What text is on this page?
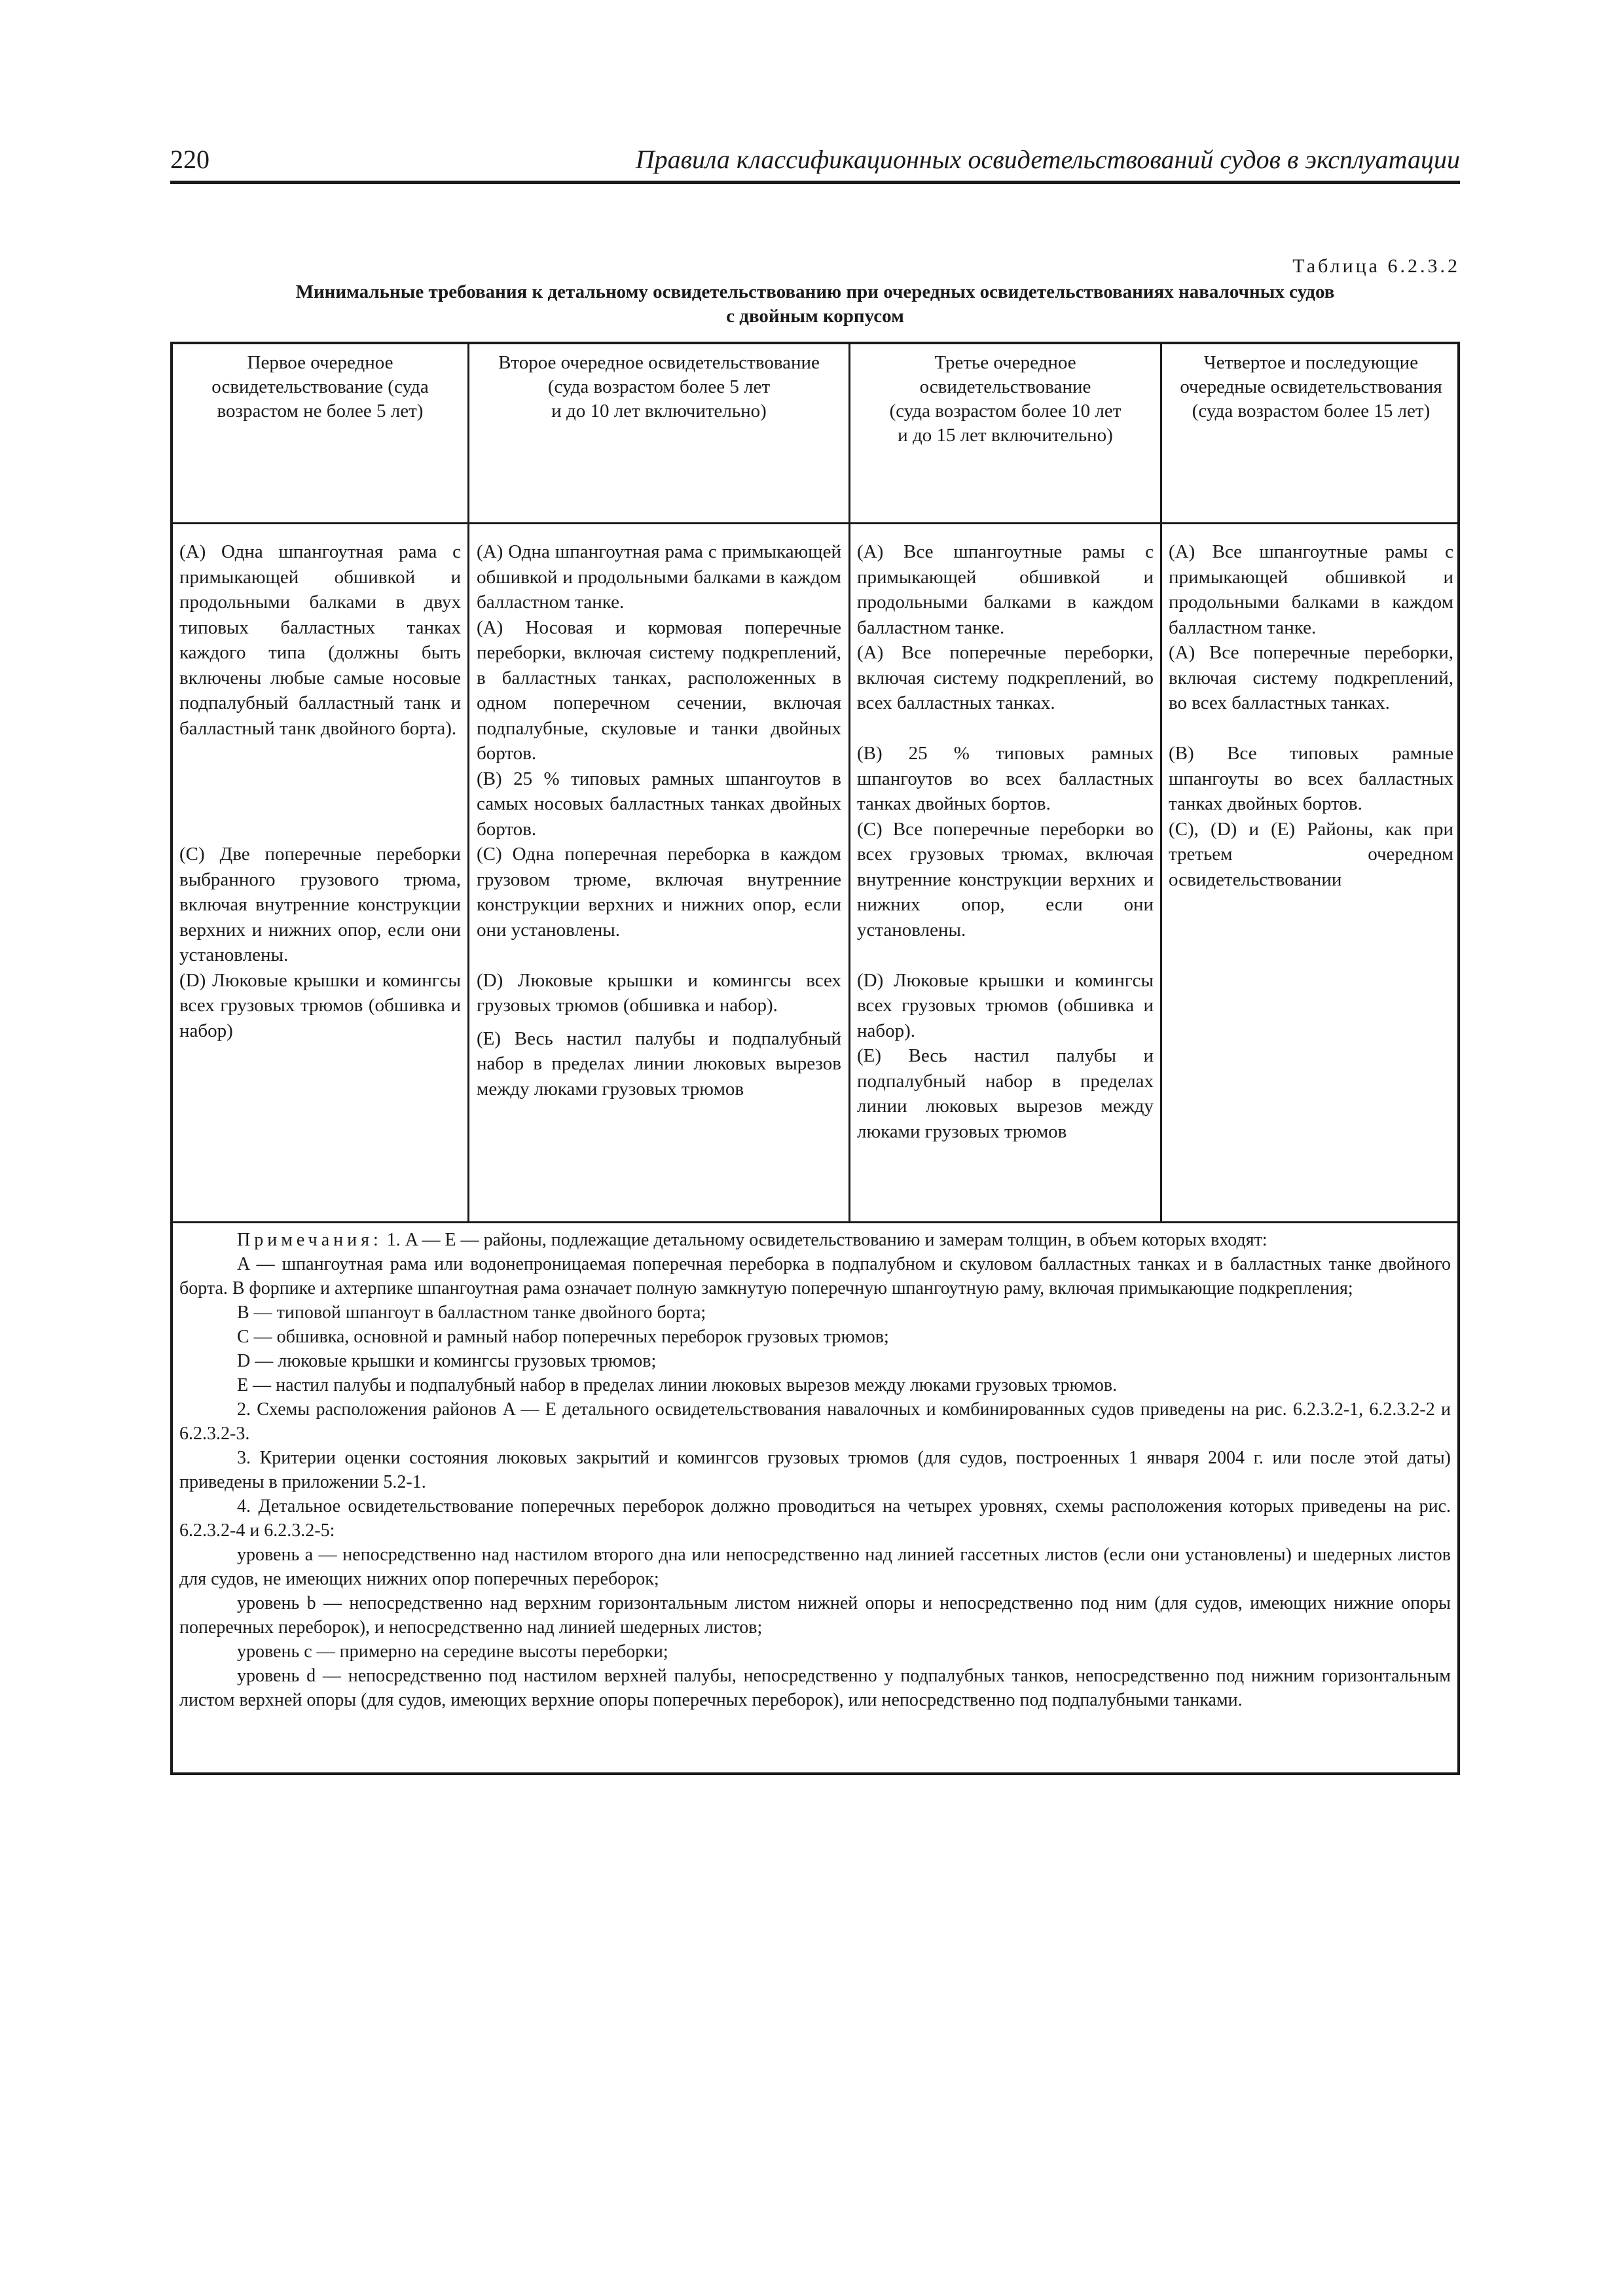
220	Правила классификационных освидетельствований судов в эксплуатации
Таблица 6.2.3.2
Минимальные требования к детальному освидетельствованию при очередных освидетельствованиях навалочных судов
с двойным корпусом
Первое очередное
освидетельствование (суда
возрастом не более 5 лет)
Второе очередное освидетельствование
(суда возрастом более 5 лет
и до 10 лет включительно)
Третье очередное
освидетельствование
(суда возрастом более 10 лет
и до 15 лет включительно)
Четвертое и последующие
очередные освидетельствования
(суда возрастом более 15 лет)

(A) Одна шпангоутная рама с примыкающей обшивкой и продольными балками в двух типовых балластных танках каждого типа (должны быть включены любые самые носовые подпалубный балластный танк и балластный танк двойного борта).

(C) Две поперечные переборки выбранного грузового трюма, включая внутренние конструкции верхних и нижних опор, если они установлены.

(D) Люковые крышки и комингсы всех грузовых трюмов (обшивка и набор)

(A) Одна шпангоутная рама с примыкающей обшивкой и продольными балками в каждом балластном танке.

(A) Носовая и кормовая поперечные переборки, включая систему подкреплений, в балластных танках, расположенных в одном поперечном сечении, включая подпалубные, скуловые и танки двойных бортов.

(B) 25 % типовых рамных шпангоутов в самых носовых балластных танках двойных бортов.

(C) Одна поперечная переборка в каждом грузовом трюме, включая внутренние конструкции верхних и нижних опор, если они установлены.

(D) Люковые крышки и комингсы всех грузовых трюмов (обшивка и набор).

(E) Весь настил палубы и подпалубный набор в пределах линии люковых вырезов между люками грузовых трюмов

(A) Все шпангоутные рамы с примыкающей обшивкой и продольными балками в каждом балластном танке.

(A) Все поперечные переборки, включая систему подкреплений, во всех балластных танках.

(B) 25 % типовых рамных шпангоутов во всех балластных танках двойных бортов.

(C) Все поперечные переборки во всех грузовых трюмах, включая внутренние конструкции верхних и нижних опор, если они установлены.

(D) Люковые крышки и комингсы всех грузовых трюмов (обшивка и набор).

(E) Весь настил палубы и подпалубный набор в пределах линии люковых вырезов между люками грузовых трюмов

(A) Все шпангоутные рамы с примыкающей обшивкой и продольными балками в каждом балластном танке.

(A) Все поперечные переборки, включая систему подкреплений, во всех балластных танках.

(B) Все типовых рамные шпангоуты во всех балластных танках двойных бортов.

(C), (D) и (E) Районы, как при третьем очередном освидетельствовании

Примечания: 1. A — E — районы, подлежащие детальному освидетельствованию и замерам толщин, в объем которых входят:

A — шпангоутная рама или водонепроницаемая поперечная переборка в подпалубном и скуловом балластных танках и в балластных танке двойного борта. В форпике и ахтерпике шпангоутная рама означает полную замкнутую поперечную шпангоутную раму, включая примыкающие подкрепления;

B — типовой шпангоут в балластном танке двойного борта;

C — обшивка, основной и рамный набор поперечных переборок грузовых трюмов;

D — люковые крышки и комингсы грузовых трюмов;

E — настил палубы и подпалубный набор в пределах линии люковых вырезов между люками грузовых трюмов.

2. Схемы расположения районов A — E детального освидетельствования навалочных и комбинированных судов приведены на рис. 6.2.3.2-1, 6.2.3.2-2 и 6.2.3.2-3.

3. Критерии оценки состояния люковых закрытий и комингсов грузовых трюмов (для судов, построенных 1 января 2004 г. или после этой даты) приведены в приложении 5.2-1.

4. Детальное освидетельствование поперечных переборок должно проводиться на четырех уровнях, схемы расположения которых приведены на рис. 6.2.3.2-4 и 6.2.3.2-5:

уровень a — непосредственно над настилом второго дна или непосредственно над линией гассетных листов (если они установлены) и шедерных листов для судов, не имеющих нижних опор поперечных переборок;

уровень b — непосредственно над верхним горизонтальным листом нижней опоры и непосредственно под ним (для судов, имеющих нижние опоры поперечных переборок), и непосредственно над линией шедерных листов;

уровень c — примерно на середине высоты переборки;

уровень d — непосредственно под настилом верхней палубы, непосредственно у подпалубных танков, непосредственно под нижним горизонтальным листом верхней опоры (для судов, имеющих верхние опоры поперечных переборок), или непосредственно под подпалубными танками.
